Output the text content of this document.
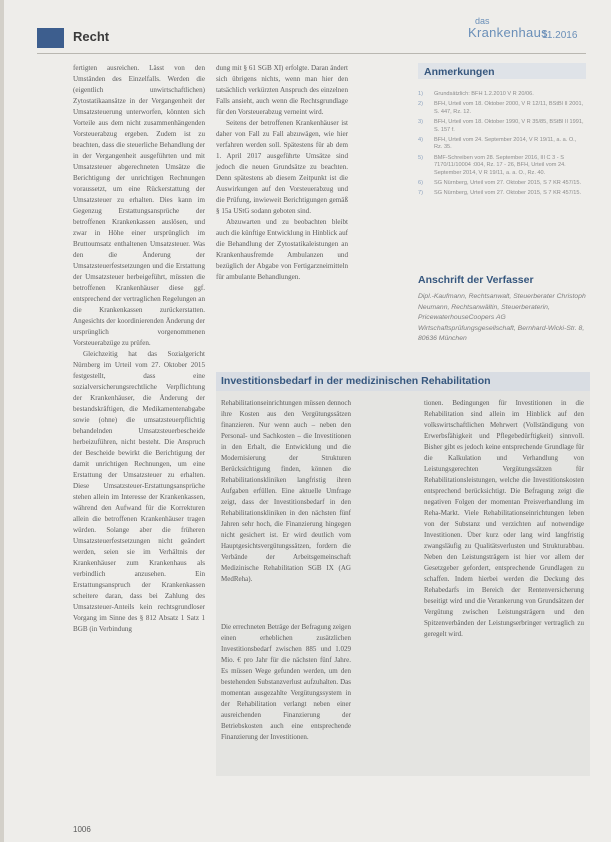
Recht
das
Krankenhaus
11.2016

fertigten ausreichen. Lässt von den Umständen des Einzelfalls. Werden die (eigentlich unwirtschaftlichen) Zytostatikaansätze in der Vergangenheit der Umsatzsteuerung unterworfen, könnten sich Vorteile aus dem nicht zusammenhängenden Vorsteuerabzug ergeben. Zudem ist zu beachten, dass die steuerliche Behandlung der in der Vergangenheit ausgeführten und mit Umsatzsteuer abgerechneten Umsätze die Berichtigung der unrichtigen Rechnungen voraussetzt, um eine Rückerstattung der Umsatzsteuer zu erhalten. Dies kann im Gegenzug Erstattungsansprüche der betroffenen Krankenkassen auslösen, und zwar in Höhe einer ursprünglich im Bruttoumsatz enthaltenen Umsatzsteuer. Was den die Änderung der Umsatzsteuerfestsetzungen und die Erstattung der Umsatzsteuer herbeigeführt, müssten die betroffenen Krankenhäuser diese ggf. entsprechend der vertraglichen Regelungen an die Krankenkassen zurückerstatten. Angesichts der koordinierenden Änderung der ursprünglich vorgenommenen Vorsteuerabzüge zu prüfen.

Gleichzeitig hat das Sozialgericht Nürnberg im Urteil vom 27. Oktober 2015 festgestellt, dass eine sozialversicherungsrechtliche Verpflichtung der Krankenhäuser, die Änderung der bestandskräftigen, die Medikamentenabgabe sowie (ohne) die umsatzsteuerpflichtig behandelnden Umsatzsteuerbescheide herbeizuführen, nicht besteht. Die Anspruch der Bescheide bewirkt die Berichtigung der damit unrichtigen Rechnungen, um eine Erstattung der Umsatzsteuer zu erhalten. Diese Umsatzsteuer-Erstattungsansprüche stehen allein im Interesse der Krankenkassen, während den Aufwand für die Korrekturen allein die betroffenen Krankenhäuser tragen würden. Solange aber die früheren Umsatzsteuerfestsetzungen nicht geändert werden, seien sie im Verhältnis der Krankenhäuser zum Krankenhaus als verbindlich anzusehen. Ein Erstattungsanspruch der Krankenkassen scheitere daran, dass bei Zahlung des Umsatzsteuer-Anteils kein rechtsgrundloser Vorgang im Sinne des § 812 Absatz 1 Satz 1 BGB (in Verbindung

dung mit § 61 SGB XI) erfolgte. Daran ändert sich übrigens nichts, wenn man hier den tatsächlich verkürzten Anspruch des einzelnen Falls ansieht, auch wenn die Rechtsgrundlage für den Vorsteuerabzug verneint wird.

Seitens der betroffenen Krankenhäuser ist daher von Fall zu Fall abzuwägen, wie hier verfahren werden soll. Spätestens für ab dem 1. April 2017 ausgeführte Umsätze sind jedoch die neuen Grundsätze zu beachten. Denn spätestens ab diesem Zeitpunkt ist die Auswirkungen auf den Vorsteuerabzug und die Prüfung, inwieweit Berichtigungen gemäß § 15a UStG sodann geboten sind.

Abzuwarten und zu beobachten bleibt auch die künftige Entwicklung in Hinblick auf die Behandlung der Zytostatikaleistungen an Krankenhausfremde Ambulanzen und bezüglich der Abgabe von Fertigarzneimitteln für ambulante Behandlungen.

Anmerkungen
1) Grundsätzlich: BFH 1.2.2010 V R 20/06.
2) BFH, Urteil vom 18. Oktober 2000, V R 12/11, BStBl II 2001, S. 447, Rz. 12.
3) BFH, Urteil vom 18. Oktober 1990, V R 35/85, BStBl II 1991, S. 157 f.
4) BFH, Urteil vom 24. September 2014, V R 19/11, a. a. O., Rz. 35.
5) BMF-Schreiben vom 28. September 2016, III C 3 - S 7170/11/10004 :004, Rz. 17 - 26, BFH, Urteil vom 24. September 2014, V R 19/11, a. a. O., Rz. 40.
6) SG Nürnberg, Urteil vom 27. Oktober 2015, S 7 KR 457/15.
7) SG Nürnberg, Urteil vom 27. Oktober 2015, S 7 KR 457/15.
Anschrift der Verfasser
Dipl.-Kaufmann, Rechtsanwalt, Steuerberater Christoph Neumann, Rechtsanwältin, Steuerberaterin, PricewaterhouseCoopers AG Wirtschaftsprüfungsgesellschaft, Bernhard-Wicki-Str. 8, 80636 München
Investitionsbedarf in der medizinischen Rehabilitation

Rehabilitationseinrichtungen müssen dennoch ihre Kosten aus den Vergütungssätzen finanzieren. Nur wenn auch – neben den Personal- und Sachkosten – die Investitionen in den Erhalt, die Entwicklung und die Modernisierung der Strukturen Berücksichtigung finden, können die Rehabilitationskliniken langfristig ihren Aufgaben erfüllen. Eine aktuelle Umfrage zeigt, dass der Investitionsbedarf in den Rehabilitationskliniken in den nächsten fünf Jahren sehr hoch, die Finanzierung hingegen nicht gesichert ist. Er wird deutlich vom Hauptgesichtsvergütungssätzen, fordern die Verbände der Arbeitsgemeinschaft Medizinische Rehabilitation SGB IX (AG MedReha).

Die errechneten Beträge der Befragung zeigen einen erheblichen zusätzlichen Investitionsbedarf zwischen 885 und 1.029 Mio. € pro Jahr für die nächsten fünf Jahre. Es müssen Wege gefunden werden, um den bestehenden Substanzverlust aufzuhalten. Das momentan ausgezahlte Vergütungssystem in der Rehabilitation verlangt neben einer ausreichenden Finanzierung der Betriebskosten auch eine entsprechende Finanzierung der Investitionen.

tionen. Bedingungen für Investitionen in die Rehabilitation sind allein im Hinblick auf den volkswirtschaftlichen Mehrwert (Vollständigung von Erwerbsfähigkeit und Pflegebedürftigkeit) sinnvoll. Bisher gibt es jedoch keine entsprechende Grundlage für die Kalkulation und Verhandlung von Leistungsgerechten Vergütungssätzen für Rehabilitationsleistungen, welche die Investitionskosten entsprechend berücksichtigt. Die Befragung zeigt die negativen Folgen der momentan Preisverhandlung im Reha-Markt. Viele Rehabilitationseinrichtungen leben von der Substanz und verzichten auf notwendige Investitionen. Über kurz oder lang wird langfristig zwangsläufig zu Qualitätsverlusten und Strukturabbau. Neben den Leistungsträgern ist hier vor allem der Gesetzgeber gefordert, entsprechende Grundlagen zu schaffen. Indem hierbei werden die Deckung des Rehabedarfs im Bereich der Rentenversicherung beseitigt wird und die Verankerung von Grundsätzen der Vergütung zwischen Leistungsträgern und den Spitzenverbänden der Leistungserbringer vertraglich zu geregelt wird.

1006
